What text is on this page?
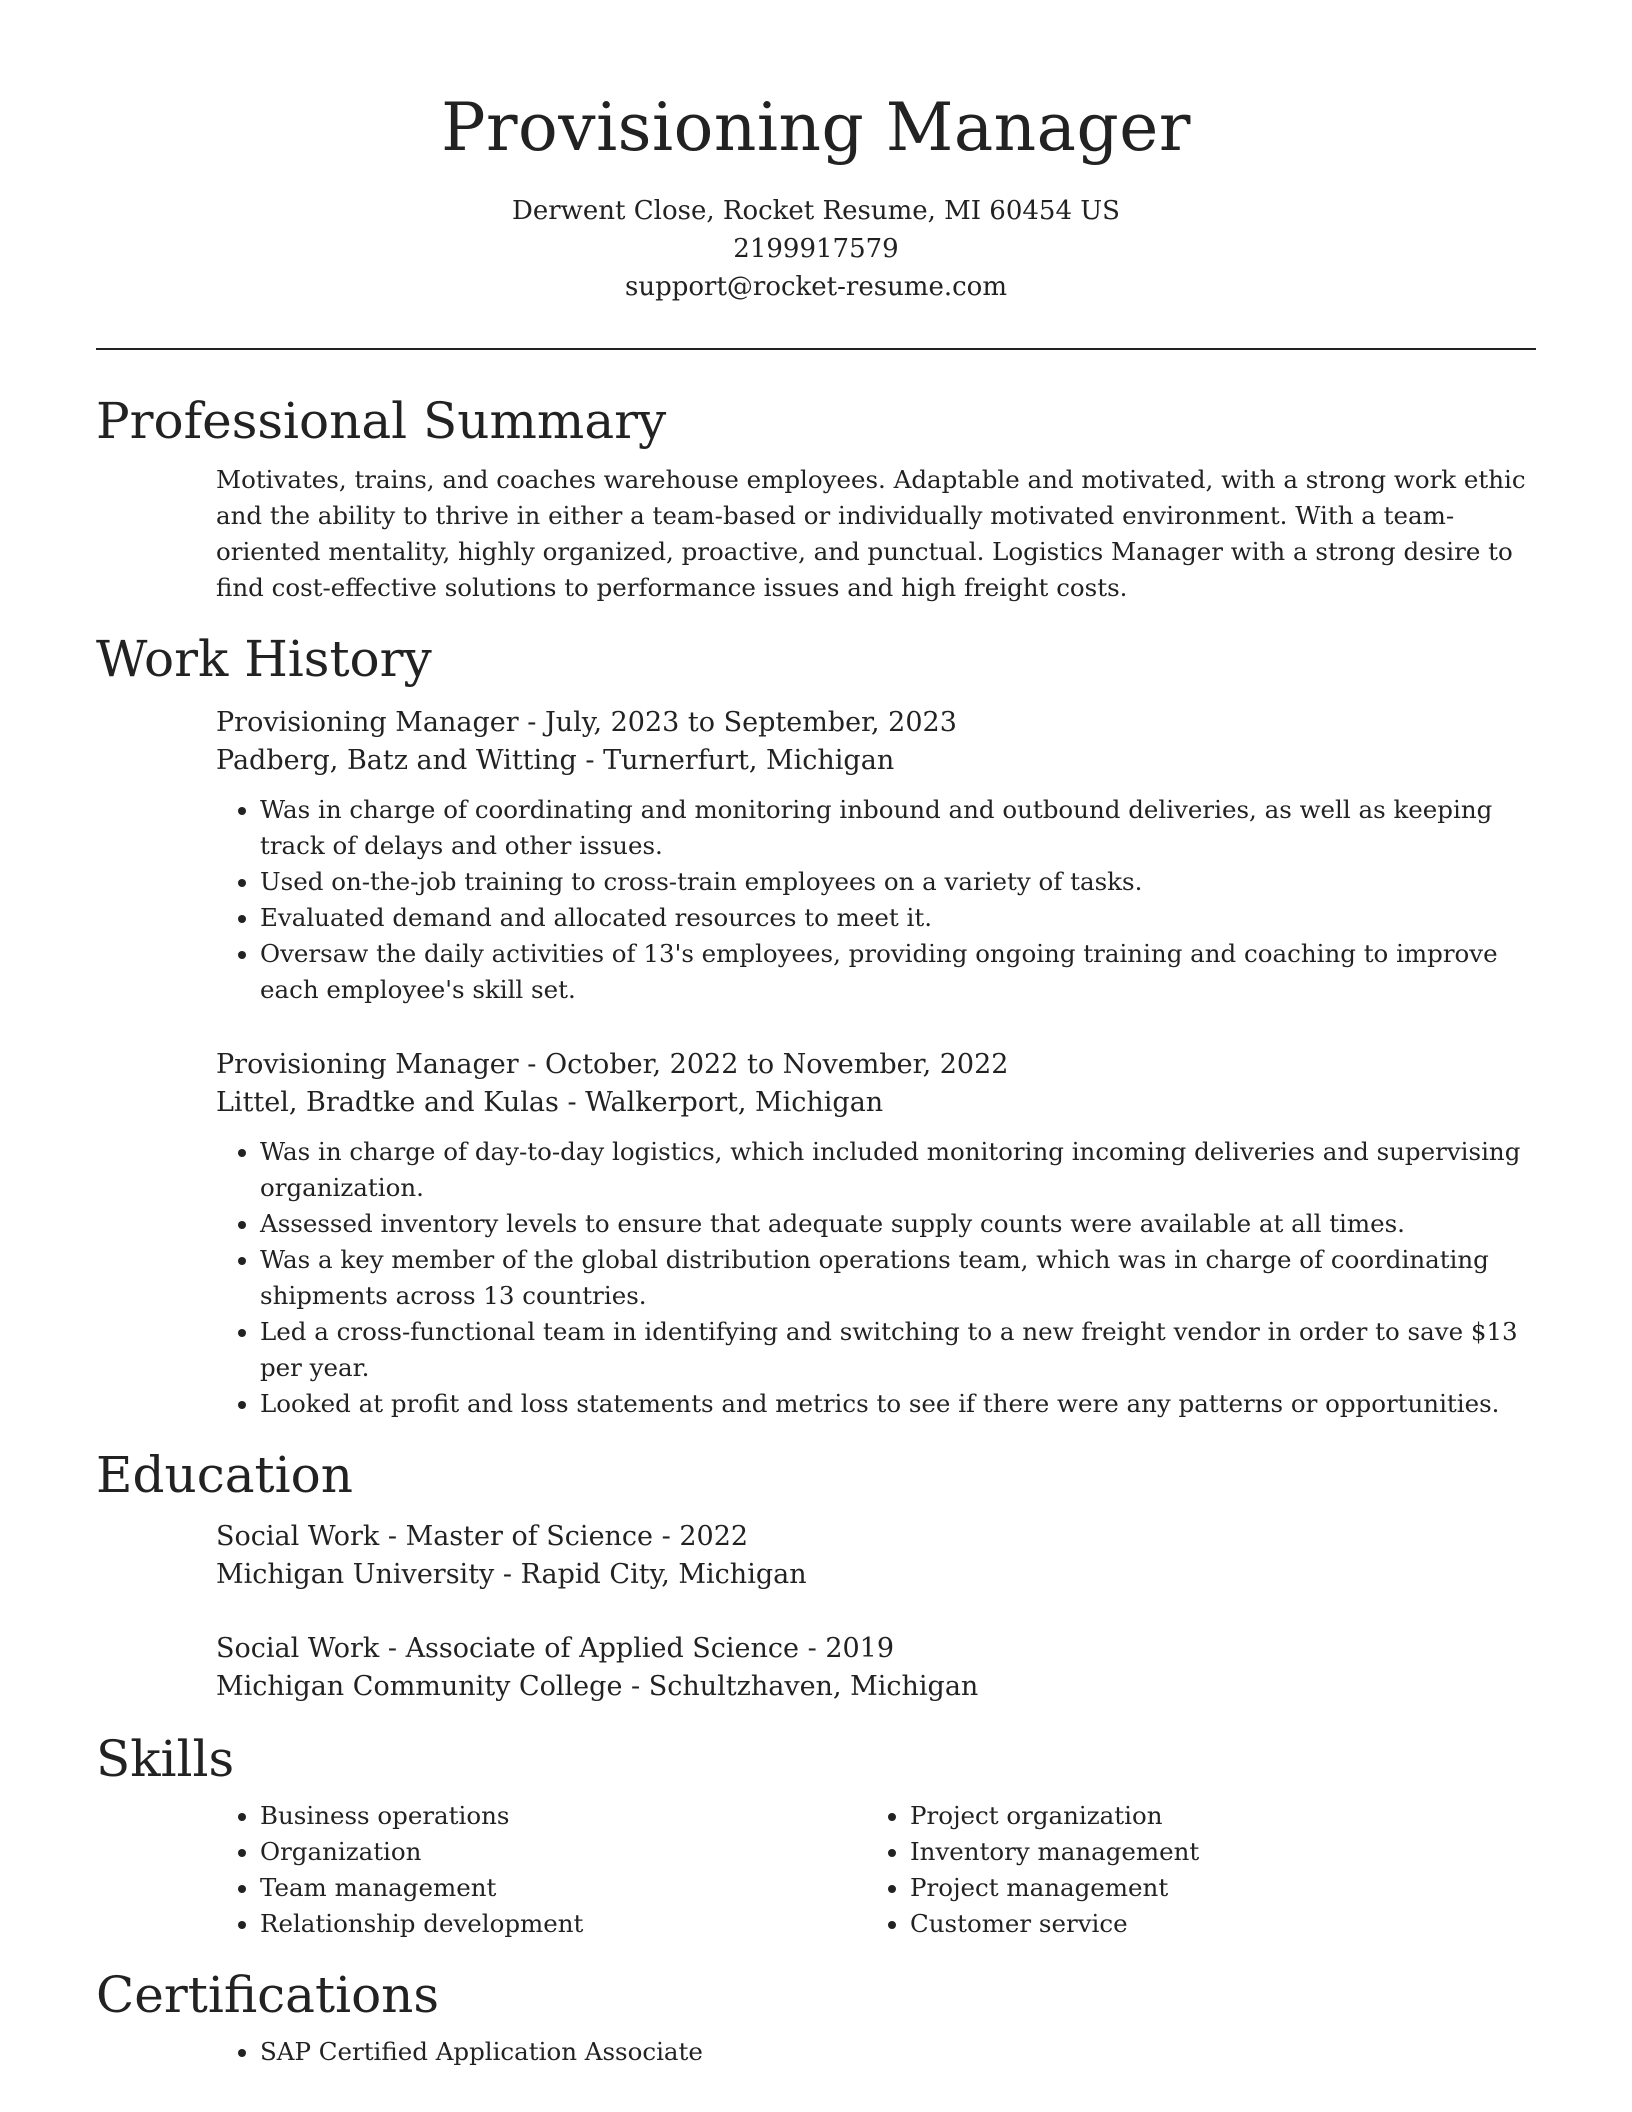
Provisioning Manager

Derwent Close, Rocket Resume, MI 60454 US

2199917579

support@rocket-resume.com

Professional Summary

Motivates, trains, and coaches warehouse employees. Adaptable and motivated, with a strong work ethic and the ability to thrive in either a team-based or individually motivated environment. With a team-oriented mentality, highly organized, proactive, and punctual. Logistics Manager with a strong desire to find cost-effective solutions to performance issues and high freight costs.

Work History

Provisioning Manager - July, 2023 to September, 2023

Padberg, Batz and Witting - Turnerfurt, Michigan

• Was in charge of coordinating and monitoring inbound and outbound deliveries, as well as keeping track of delays and other issues.
• Used on-the-job training to cross-train employees on a variety of tasks.
• Evaluated demand and allocated resources to meet it.
• Oversaw the daily activities of 13's employees, providing ongoing training and coaching to improve each employee's skill set.

Provisioning Manager - October, 2022 to November, 2022

Littel, Bradtke and Kulas - Walkerport, Michigan

• Was in charge of day-to-day logistics, which included monitoring incoming deliveries and supervising organization.
• Assessed inventory levels to ensure that adequate supply counts were available at all times.
• Was a key member of the global distribution operations team, which was in charge of coordinating shipments across 13 countries.
• Led a cross-functional team in identifying and switching to a new freight vendor in order to save $13 per year.
• Looked at profit and loss statements and metrics to see if there were any patterns or opportunities.
Education

Social Work - Master of Science - 2022

Michigan University - Rapid City, Michigan

Social Work - Associate of Applied Science - 2019

Michigan Community College - Schultzhaven, Michigan

Skills
• Business operations
• Organization
• Team management
• Relationship development
• Project organization
• Inventory management
• Project management
• Customer service
Certifications
• SAP Certified Application Associate
